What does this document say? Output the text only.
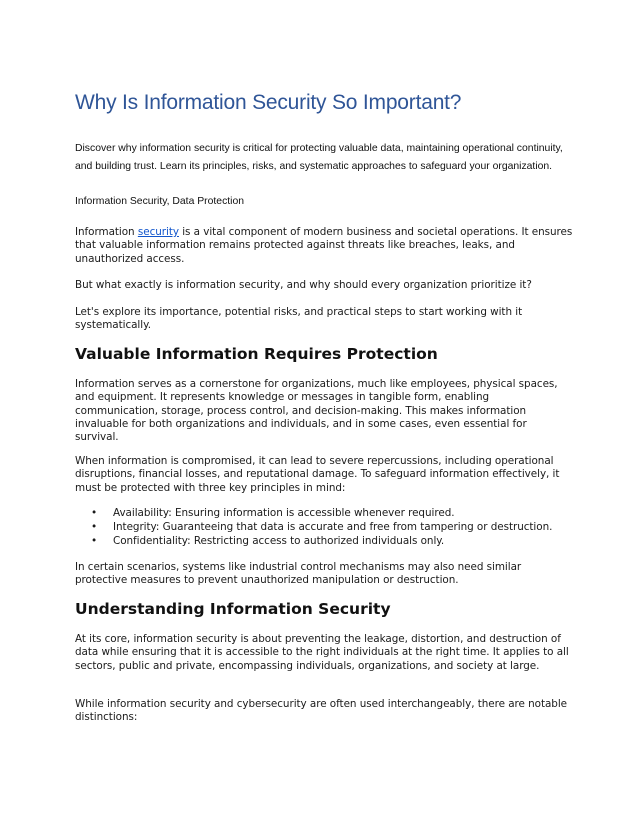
Why Is Information Security So Important?

Discover why information security is critical for protecting valuable data, maintaining operational continuity, and building trust. Learn its principles, risks, and systematic approaches to safeguard your organization.

Information Security, Data Protection

Information security is a vital component of modern business and societal operations. It ensures that valuable information remains protected against threats like breaches, leaks, and unauthorized access.

But what exactly is information security, and why should every organization prioritize it?

Let's explore its importance, potential risks, and practical steps to start working with it systematically.

Valuable Information Requires Protection

Information serves as a cornerstone for organizations, much like employees, physical spaces, and equipment. It represents knowledge or messages in tangible form, enabling communication, storage, process control, and decision-making. This makes information invaluable for both organizations and individuals, and in some cases, even essential for survival.

When information is compromised, it can lead to severe repercussions, including operational disruptions, financial losses, and reputational damage. To safeguard information effectively, it must be protected with three key principles in mind:

• Availability: Ensuring information is accessible whenever required.
• Integrity: Guaranteeing that data is accurate and free from tampering or destruction.
• Confidentiality: Restricting access to authorized individuals only.

In certain scenarios, systems like industrial control mechanisms may also need similar protective measures to prevent unauthorized manipulation or destruction.

Understanding Information Security

At its core, information security is about preventing the leakage, distortion, and destruction of data while ensuring that it is accessible to the right individuals at the right time. It applies to all sectors, public and private, encompassing individuals, organizations, and society at large.

While information security and cybersecurity are often used interchangeably, there are notable distinctions:
